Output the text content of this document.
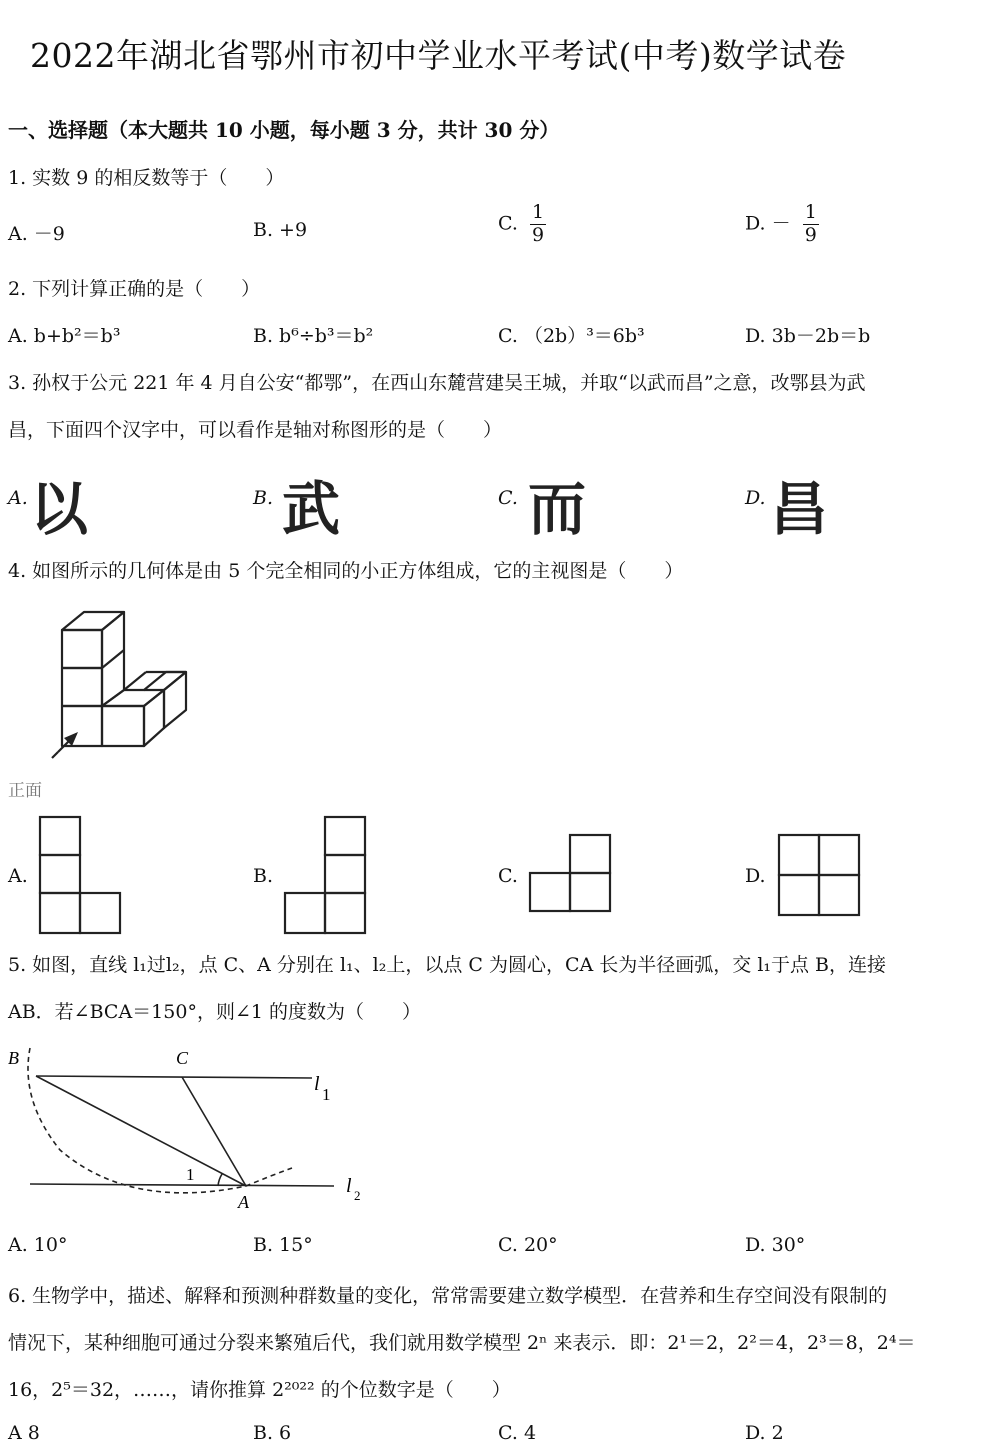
2022年湖北省鄂州市初中学业水平考试(中考)数学试卷
一、选择题（本大题共 10 小题，每小题 3 分，共计 30 分）
1. 实数 9 的相反数等于（　　）
A. －9	B. +9	C. $\frac{1}{9}$	D. － $\frac{1}{9}$
2. 下列计算正确的是（　　）
A. b+b²＝b³	B. b⁶÷b³＝b²	C. （2b）³＝6b³	D. 3b－2b＝b
3. 孙权于公元 221 年 4 月自公安“都鄂”，在西山东麓营建吴王城，并取“以武而昌”之意，改鄂县为武
昌，下面四个汉字中，可以看作是轴对称图形的是（　　）
A. 以	B. 武	C. 而	D. 昌
4. 如图所示的几何体是由 5 个完全相同的小正方体组成，它的主视图是（　　）
正面
A.	B.	C.	D.
5. 如图，直线 l₁过l₂，点 C、A 分别在 l₁、l₂上，以点 C 为圆心，CA 长为半径画弧，交 l₁于点 B，连接
AB．若∠BCA＝150°，则∠1 的度数为（　　）
B	C
A
1
l 1
l 2
A. 10°	B. 15°	C. 20°	D. 30°
6. 生物学中，描述、解释和预测种群数量的变化，常常需要建立数学模型．在营养和生存空间没有限制的
情况下，某种细胞可通过分裂来繁殖后代，我们就用数学模型 2ⁿ 来表示．即：2¹＝2，2²＝4，2³＝8，2⁴＝
16，2⁵＝32，……，请你推算 2²⁰²² 的个位数字是（　　）
A 8	B. 6	C. 4	D. 2
